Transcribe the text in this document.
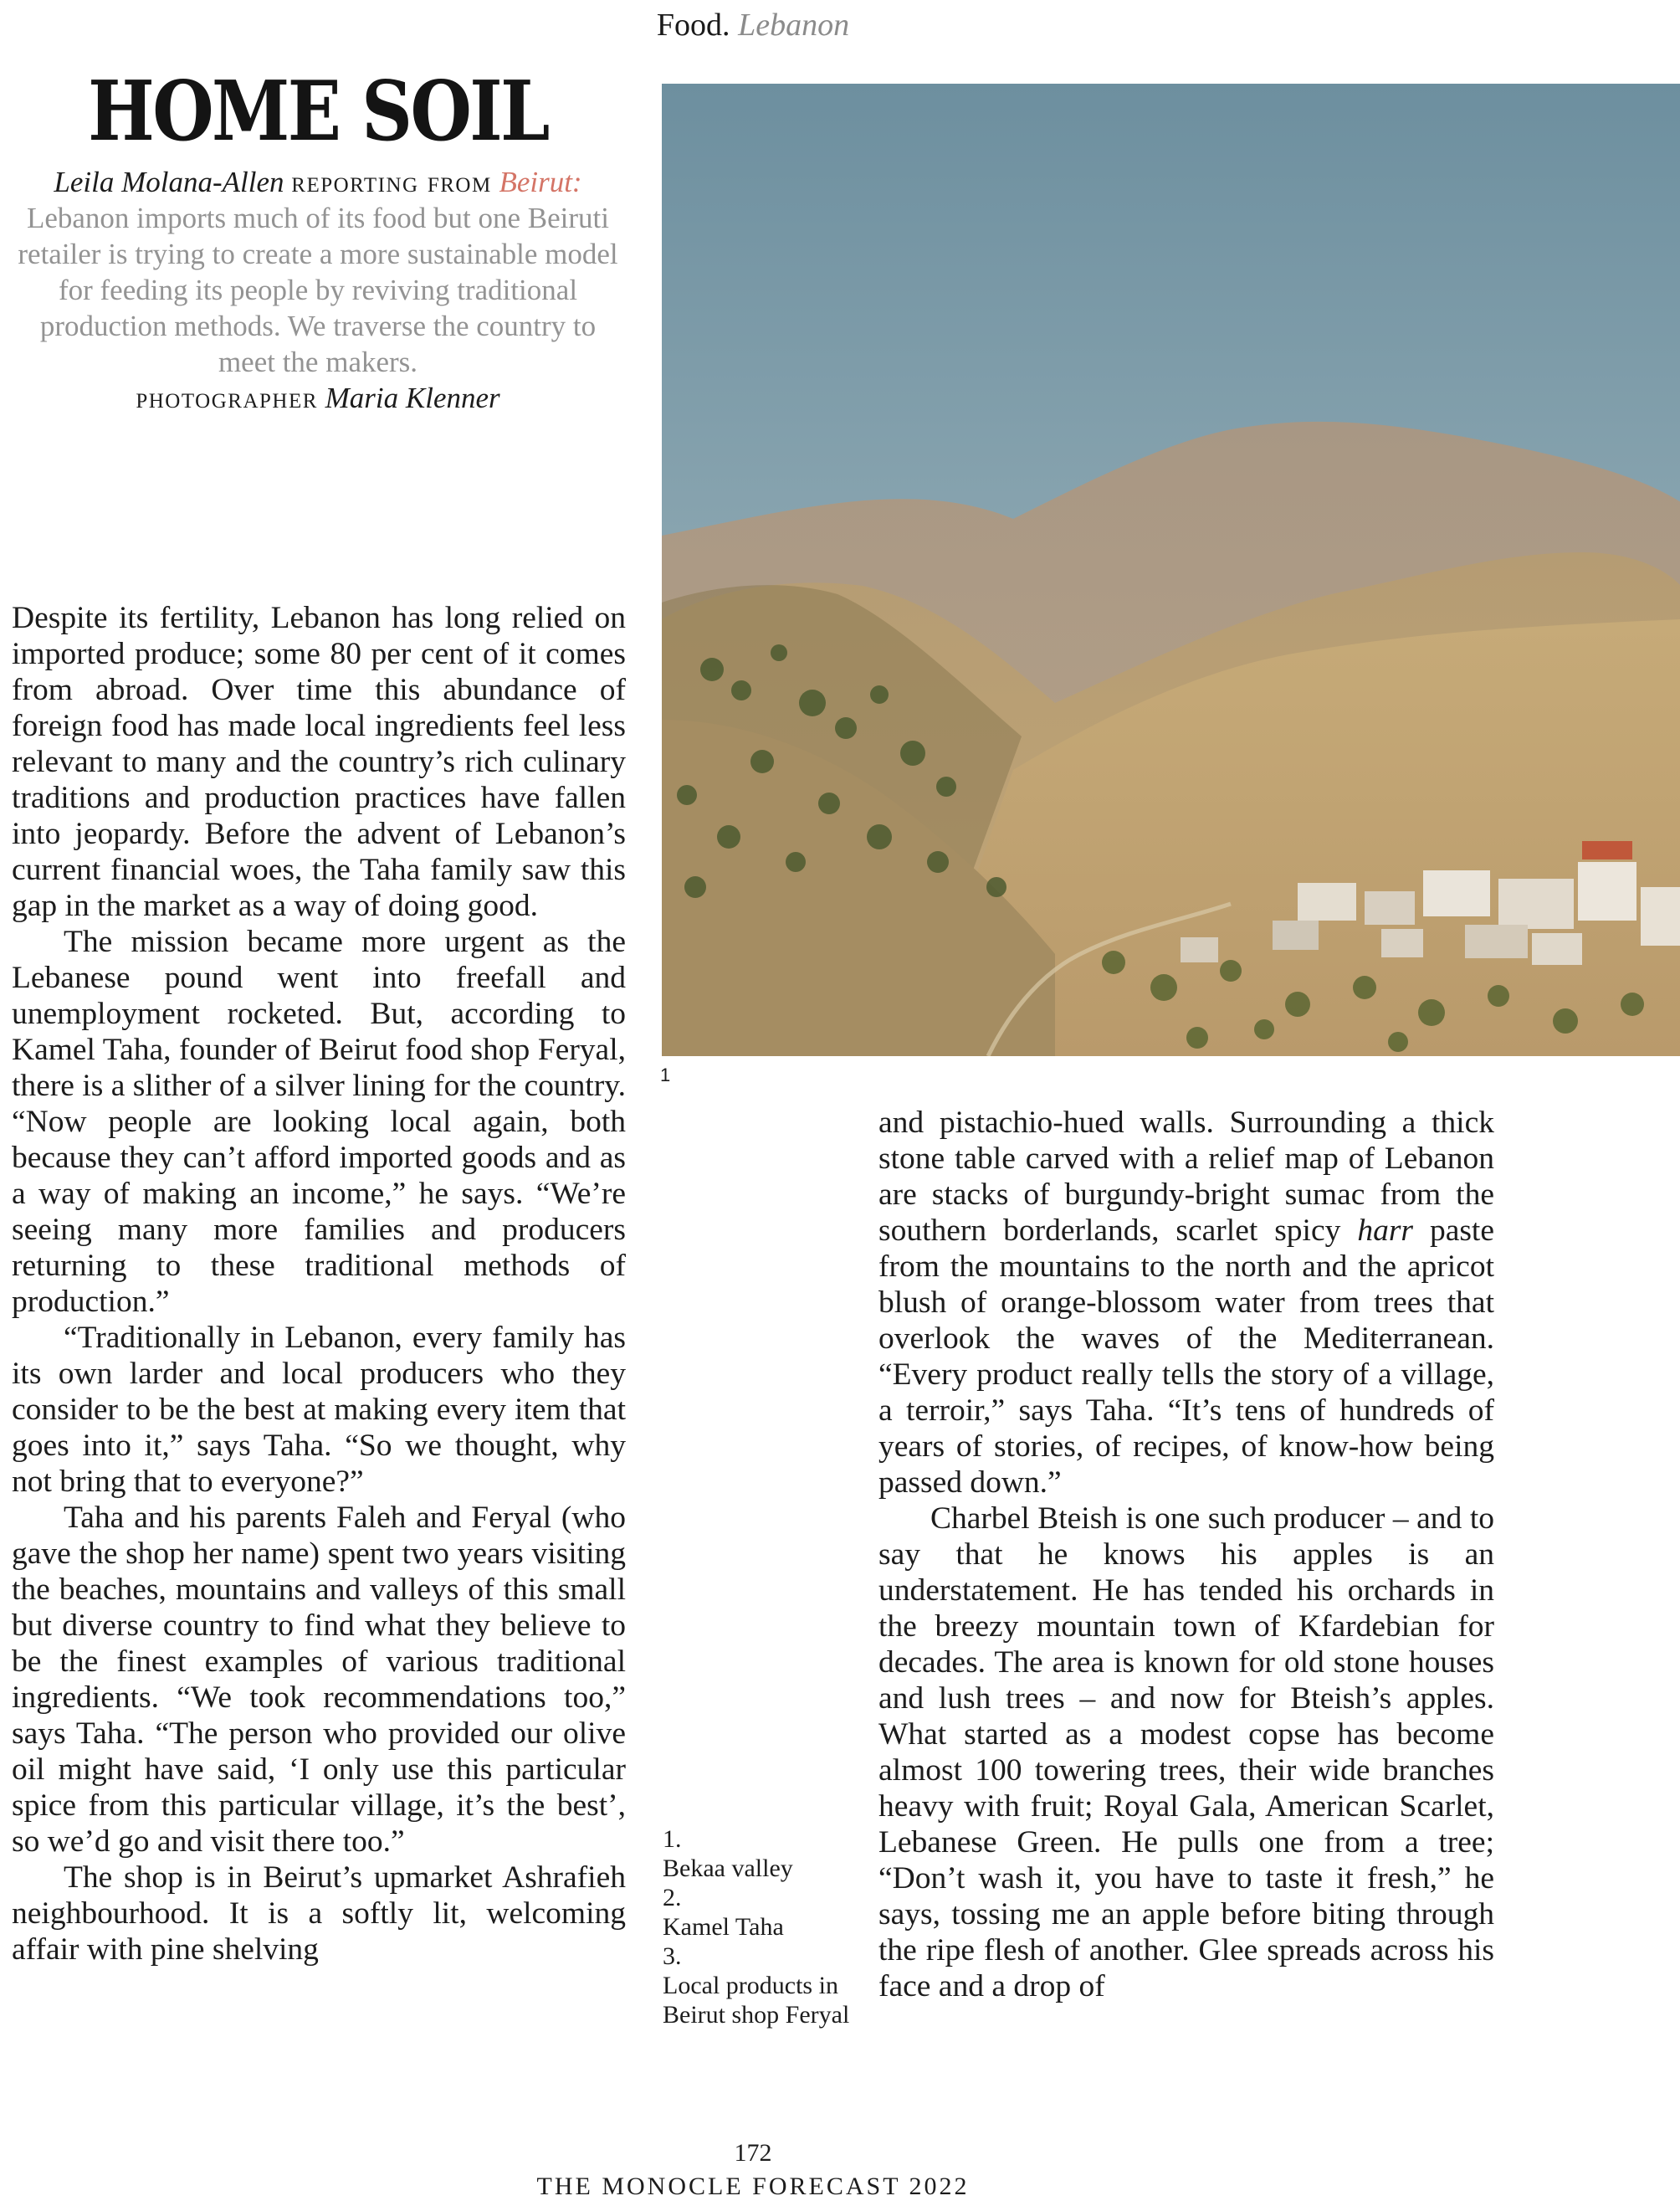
Food. Lebanon
HOME SOIL
Leila Molana-Allen reporting from Beirut: Lebanon imports much of its food but one Beiruti retailer is trying to create a more sustainable model for feeding its people by reviving traditional production methods. We traverse the country to meet the makers.
photographer Maria Klenner
1

Despite its fertility, Lebanon has long relied on imported produce; some 80 per cent of it comes from abroad. Over time this abundance of foreign food has made local ingredients feel less relevant to many and the country’s rich culinary traditions and production practices have fallen into jeopardy. Before the advent of Lebanon’s current financial woes, the Taha family saw this gap in the market as a way of doing good.

The mission became more urgent as the Lebanese pound went into freefall and unemployment rocketed. But, according to Kamel Taha, founder of Beirut food shop Feryal, there is a slither of a silver lining for the country. “Now people are looking local again, both because they can’t afford imported goods and as a way of making an income,” he says. “We’re seeing many more families and producers returning to these traditional methods of production.”

“Traditionally in Lebanon, every family has its own larder and local producers who they consider to be the best at making every item that goes into it,” says Taha. “So we thought, why not bring that to everyone?”

Taha and his parents Faleh and Feryal (who gave the shop her name) spent two years visiting the beaches, mountains and valleys of this small but diverse country to find what they believe to be the finest examples of various traditional ingredients. “We took recommendations too,” says Taha. “The person who provided our olive oil might have said, ‘I only use this particular spice from this particular village, it’s the best’, so we’d go and visit there too.”

The shop is in Beirut’s upmarket Ashrafieh neighbourhood. It is a softly lit, welcoming affair with pine shelving

1.
Bekaa valley
2.
Kamel Taha
3.
Local products in Beirut shop Feryal

and pistachio-hued walls. Surrounding a thick stone table carved with a relief map of Lebanon are stacks of burgundy-bright sumac from the southern borderlands, scarlet spicy harr paste from the mountains to the north and the apricot blush of orange-blossom water from trees that overlook the waves of the Mediterranean. “Every product really tells the story of a village, a terroir,” says Taha. “It’s tens of hundreds of years of stories, of recipes, of know-how being passed down.”

Charbel Bteish is one such producer – and to say that he knows his apples is an understatement. He has tended his orchards in the breezy mountain town of Kfardebian for decades. The area is known for old stone houses and lush trees – and now for Bteish’s apples. What started as a modest copse has become almost 100 towering trees, their wide branches heavy with fruit; Royal Gala, American Scarlet, Lebanese Green. He pulls one from a tree; “Don’t wash it, you have to taste it fresh,” he says, tossing me an apple before biting through the ripe flesh of another. Glee spreads across his face and a drop of

172
THE MONOCLE FORECAST 2022
